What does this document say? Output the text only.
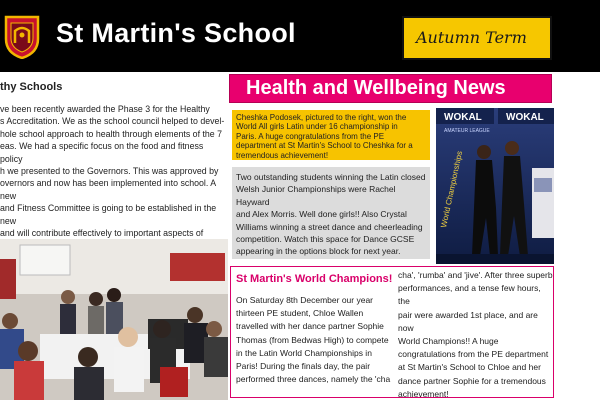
St Martin's School	Autumn Term
thy Schools
ve been recently awarded the Phase 3 for the Healthy
s Accreditation. We as the school council helped to devel-
hole school approach to health through elements of the 7
eas. We had a specific focus on the food and fitness policy
h we presented to the Governors. This was approved by
overnors and now has been implemented into school. A new
and Fitness Committee is going to be established in the new
and will contribute effectively to important aspects of

Health and Wellbeing News
Cheshka Podosek, pictured to the right, won the
World All girls Latin under 16 championship in
Paris. A huge congratulations from the PE
department at St Martin's School to Cheshka for a
tremendous achievement!
Two outstanding students winning the Latin closed
Welsh Junior Championships were Rachel Hayward
and Alex Morris. Well done girls!! Also Crystal
Williams winning a street dance and cheerleading
competition. Watch this space for Dance GCSE
appearing in the options block for next year.
WOKAL WOKAL
AMATEUR LEAGUE
World Championships
St Martin's World Champions!
On Saturday 8th December our year
thirteen PE student, Chloe Wallen
travelled with her dance partner Sophie
Thomas (from Bedwas High) to compete
in the Latin World Championships in
Paris! During the finals day, the pair
performed three dances, namely the 'cha
cha', 'rumba' and 'jive'. After three superb
performances, and a tense few hours, the
pair were awarded 1st place, and are now
World Champions!! A huge
congratulations from the PE department
at St Martin's School to Chloe and her
dance partner Sophie for a tremendous
achievement!
